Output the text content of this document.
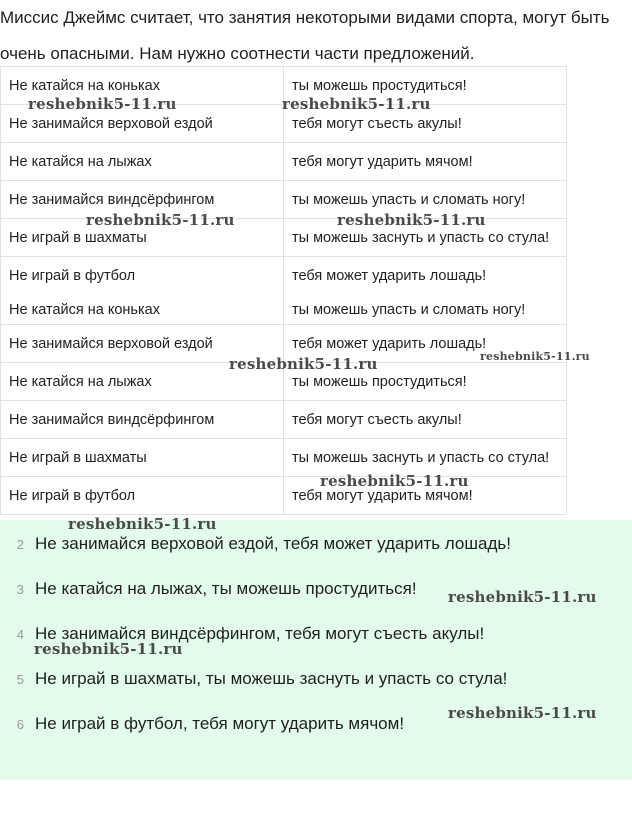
Миссис Джеймс считает, что занятия некоторыми видами спорта, могут быть

очень опасными. Нам нужно соотнести части предложений.

Не катайся на коньках	ты можешь простудиться!
Не занимайся верховой ездой	тебя могут съесть акулы!
Не катайся на лыжах	тебя могут ударить мячом!
Не занимайся виндсёрфингом	ты можешь упасть и сломать ногу!
Не играй в шахматы	ты можешь заснуть и упасть со стула!
Не играй в футбол	тебя может ударить лошадь!
Не катайся на коньках	ты можешь упасть и сломать ногу!
Не занимайся верховой ездой	тебя может ударить лошадь!
Не катайся на лыжах	ты можешь простудиться!
Не занимайся виндсёрфингом	тебя могут съесть акулы!
Не играй в шахматы	ты можешь заснуть и упасть со стула!
Не играй в футбол	тебя могут ударить мячом!
2 Не занимайся верховой ездой, тебя может ударить лошадь!
3 Не катайся на лыжах, ты можешь простудиться!
4 Не занимайся виндсёрфингом, тебя могут съесть акулы!
5 Не играй в шахматы, ты можешь заснуть и упасть со стула!
6 Не играй в футбол, тебя могут ударить мячом!
reshebnik5-11.ru	reshebnik5-11.ru
reshebnik5-11.ru	reshebnik5-11.ru
reshebnik5-11.ru	reshebnik5-11.ru
reshebnik5-11.ru
reshebnik5-11.ru
reshebnik5-11.ru
reshebnik5-11.ru
reshebnik5-11.ru
